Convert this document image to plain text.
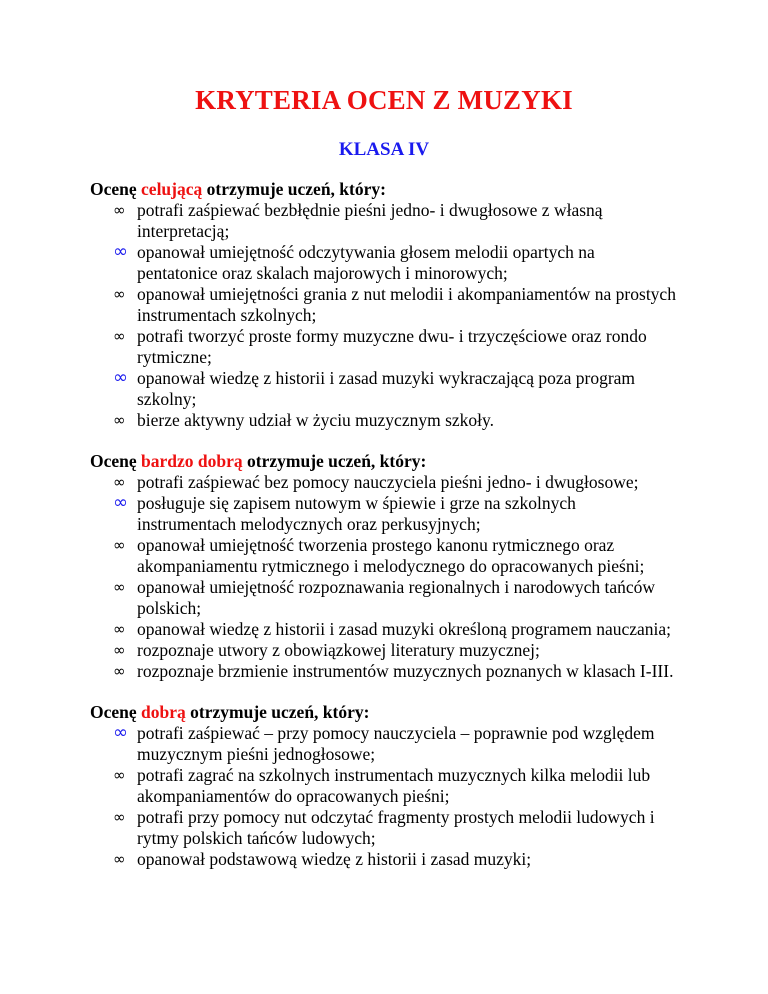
KRYTERIA OCEN Z MUZYKI
KLASA IV

Ocenę celującą otrzymuje uczeń, który:

∞ potrafi zaśpiewać bezbłędnie pieśni jedno- i dwugłosowe z własną interpretacją;
∞ opanował umiejętność odczytywania głosem melodii opartych na pentatonice oraz skalach majorowych i minorowych;
∞ opanował umiejętności grania z nut melodii i akompaniamentów na prostych instrumentach szkolnych;
∞ potrafi tworzyć proste formy muzyczne dwu- i trzyczęściowe oraz rondo rytmiczne;
∞ opanował wiedzę z historii i zasad muzyki wykraczającą poza program szkolny;
∞ bierze aktywny udział w życiu muzycznym szkoły.

Ocenę bardzo dobrą otrzymuje uczeń, który:

∞ potrafi zaśpiewać bez pomocy nauczyciela pieśni jedno- i dwugłosowe;
∞ posługuje się zapisem nutowym w śpiewie i grze na szkolnych instrumentach melodycznych oraz perkusyjnych;
∞ opanował umiejętność tworzenia prostego kanonu rytmicznego oraz akompaniamentu rytmicznego i melodycznego do opracowanych pieśni;
∞ opanował umiejętność rozpoznawania regionalnych i narodowych tańców polskich;
∞ opanował wiedzę z historii i zasad muzyki określoną programem nauczania;
∞ rozpoznaje utwory z obowiązkowej literatury muzycznej;
∞ rozpoznaje brzmienie instrumentów muzycznych poznanych w klasach I-III.

Ocenę dobrą otrzymuje uczeń, który:

∞ potrafi zaśpiewać – przy pomocy nauczyciela – poprawnie pod względem muzycznym pieśni jednogłosowe;
∞ potrafi zagrać na szkolnych instrumentach muzycznych kilka melodii lub akompaniamentów do opracowanych pieśni;
∞ potrafi przy pomocy nut odczytać fragmenty prostych melodii ludowych i rytmy polskich tańców ludowych;
∞ opanował podstawową wiedzę z historii i zasad muzyki;
